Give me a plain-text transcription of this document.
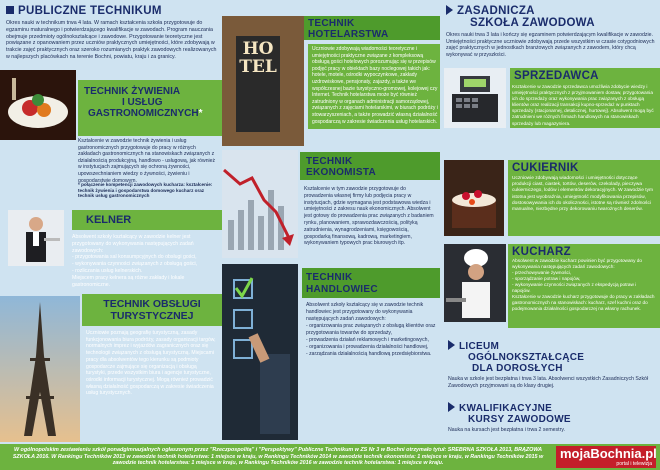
PUBLICZNE TECHNIKUM
Okres nauki w technikum trwa 4 lata. W ramach kształcenia szkoła przygotowuje do egzaminu maturalnego i potwierdzającego kwalifikacje w zawodach. Program nauczania obejmuje przedmioty ogólnokształcące i zawodowe. Przygotowanie teoretyczne jest powiązane z opanowaniem przez uczniów praktycznych umiejętności, które zdobywają w trakcie zajęć praktycznych oraz szeroko rozumianych praktyk zawodowych realizowanych w najlepszych placówkach na terenie Bochni, powiatu, kraju i za granicy.
TECHNIK ŻYWIENIA
I USŁUG
GASTRONOMICZNYCH*
Kształcenie w zawodzie technik żywienia i usług gastronomicznych przygotowuje do pracy w różnych zakładach gastronomicznych na stanowiskach związanych z działalnością produkcyjną, handlowo - usługową, jak również w instytucjach zajmujących się ochroną żywności, upowszechnianiem wiedzy o żywności, żywieniu i gospodarstwie domowym.
* połączenie kompetencji zawodowych kucharza: kształcenie: technik żywienia i gospodarstwa domowego kucharz oraz technik usług gastronomicznych
KELNER
Absolwent szkoły kształcący w zawodzie kelner jest przygotowany do wykonywania następujących zadań zawodowych:
- przygotowania sal konsumpcyjnych do obsługi gości,
- wykonywania czynności związanych z obsługą gości,
- rozliczania usług kelnerskich.
Miejscem pracy kelnera są różne zakłady i lokale gastronomiczne.
TECHNIK OBSŁUGI
TURYSTYCZNEJ
Uczniowie poznają geografię turystyczną, zasady funkcjonowania biura podróży, zasady organizacji targów, normalnych imprez i wyjazdów zagranicznych oraz się technologii związanych z obsługą turystyczną. Miejscami pracy dla absolwentów tego kierunku są podmioty gospodarcze zajmujące się organizacją i obsługą turystyki, przede wszystkim biura i agencje turystyczne, ośrodki informacji turystycznej. Mogą również prowadzić własną działalność gospodarczą w zakresie świadczenia usług turystycznych.
HOTEL
TECHNIK
HOTELARSTWA
Uczniowie zdobywają wiadomości teoretyczne i umiejętności praktyczne związane z kompleksową obsługą gości hotelowych porozumując się w przepisów podjęć pracy w obiektach bazy noclegowej takich jak: hotele, motele, ośrodki wypoczynkowe, zakłady uzdrowiskowe, pensjonaty, zajazdy, a także we współczesnej bazie turystyczno-gromowej, kolejowej czy Internet. Technik hotelarstwa może być również zatrudniony w organach administracji samorządowej, związanych z zajęciami hotelarskimi, w biurach podróży i stowarzyszeniach, a także prowadzić własną działalność gospodarczą w zakresie świadczenia usług hotelarskich.
TECHNIK
EKONOMISTA
Kształcenie w tym zawodzie przygotowuje do prowadzenia własnej firmy lub podjęcia pracy w instytucjach, gdzie wymagana jest podstawowa wiedza i umiejętności z zakresu nauk ekonomicznych. Absolwent jest gotowy do prowadzenia prac związanych z badaniem rynku, planowaniem, sprawozdawczością, polityką zatrudnienia, wynagrodzeniami, księgowością, gospodarką finansową, kadrową, marketingiem, wykonywaniem typowych prac biurowych itp.
TECHNIK
HANDLOWIEC
Absolwent szkoły kształcący się w zawodzie technik handlowiec jest przygotowany do wykonywania następujących zadań zawodowych:
- organizowania prac związanych z obsługą klientów oraz przygotowania towarów do sprzedaży,
- prowadzenia działań reklamowych i marketingowych,
- organizowania i prowadzenia działalności handlowej,
- zarządzania działalnością handlową przedsiębiorstwa.
ZASADNICZA
SZKOŁA ZAWODOWA
Okres nauki trwa 3 lata i kończy się egzaminem potwierdzającym kwalifikacje w zawodzie. Umiejętności praktyczne uczniowie zdobywają przede wszystkim w czasie cotygodniowych zajęć praktycznych w jednostkach branżowych związanych z zawodem, który chcą wykonywać w przyszłości.
SPRZEDAWCA
Kształcenie w zawodzie sprzedawca umożliwia zdobycie wiedzy i umiejętności praktycznych z przyjmowaniem dostaw, przygotowania ich do sprzedaży oraz wykonywania prac związanych z obsługą klientów oraz realizacji transakcji kupno-sprzedaż w punktach sprzedaży (stacjonarnej, detalicznej, hurtowej). Absolwent mogą być zatrudnieni we różnych firmach handlowych na stanowiskach sprzedaży lub magazyniera.
CUKIERNIK
Uczniowie zdobywają wiadomości i umiejętności dotyczące produkcji ciast, ciastek, tortów, deserów, czekolady, pieczywa cukierniczego, lodów i elementów dekoracyjnych. W zawodzie tym istotna jest wyobraźnia, umiejętność modyfikowania przepisów, dostosowywania ich do okoliczności, istotne są również zdolności manualne, niezbędne przy dekorowaniu twarożnych deserów.
KUCHARZ
Absolwent w zawodzie kucharz powinien być przygotowany do wykonywania następujących zadań zawodowych:
- przechowywanie żywności,
- sporządzanie potraw i napojów,
- wykonywanie czynności związanych z ekspedycją potraw i napojów.
Kształcenie w zawodzie kucharz przygotowuje do pracy w zakładach gastronomicznych na stanowiskach: kucharz, szef kuchni oraz do podejmowania działalności gospodarczej na własny rachunek.
LICEUM
OGÓLNOKSZTAŁCĄCE
DLA DOROSŁYCH
Nauka w szkole jest bezpłatna i trwa 3 lata. Absolwenci wszystkich Zasadniczych Szkół Zawodowych przyjmowani są do klasy drugiej.
KWALIFIKACYJNE
KURSY ZAWODOWE
Nauka na kursach jest bezpłatna i trwa 2 semestry.
W ogólnopolskim zestawieniu szkół ponadgimnazjalnych ogłaszonym przez "Rzeczpospolitą" i "Perspektywy" Publiczne Technikum w ZS Nr 3 w Bochni otrzymało tytuł: SREBRNA SZKOŁA 2013, BRĄZOWA SZKOŁA 2016. W Rankingu Techników 2013 w zawodzie technik hotelarstwa: 1 miejsce w kraju, w Rankingu Techników 2014 w zawodzie technik ekonomista: 1 miejsce w kraju, w Rankingu Techników 2015 w zawodzie technik hotelarstwa: 1 miejsce w kraju, w Rankingu Techników 2016 w zawodzie technik hotelarstwa: 1 miejsce w kraju.
mojaBochnia.pl
portal i telewizja
